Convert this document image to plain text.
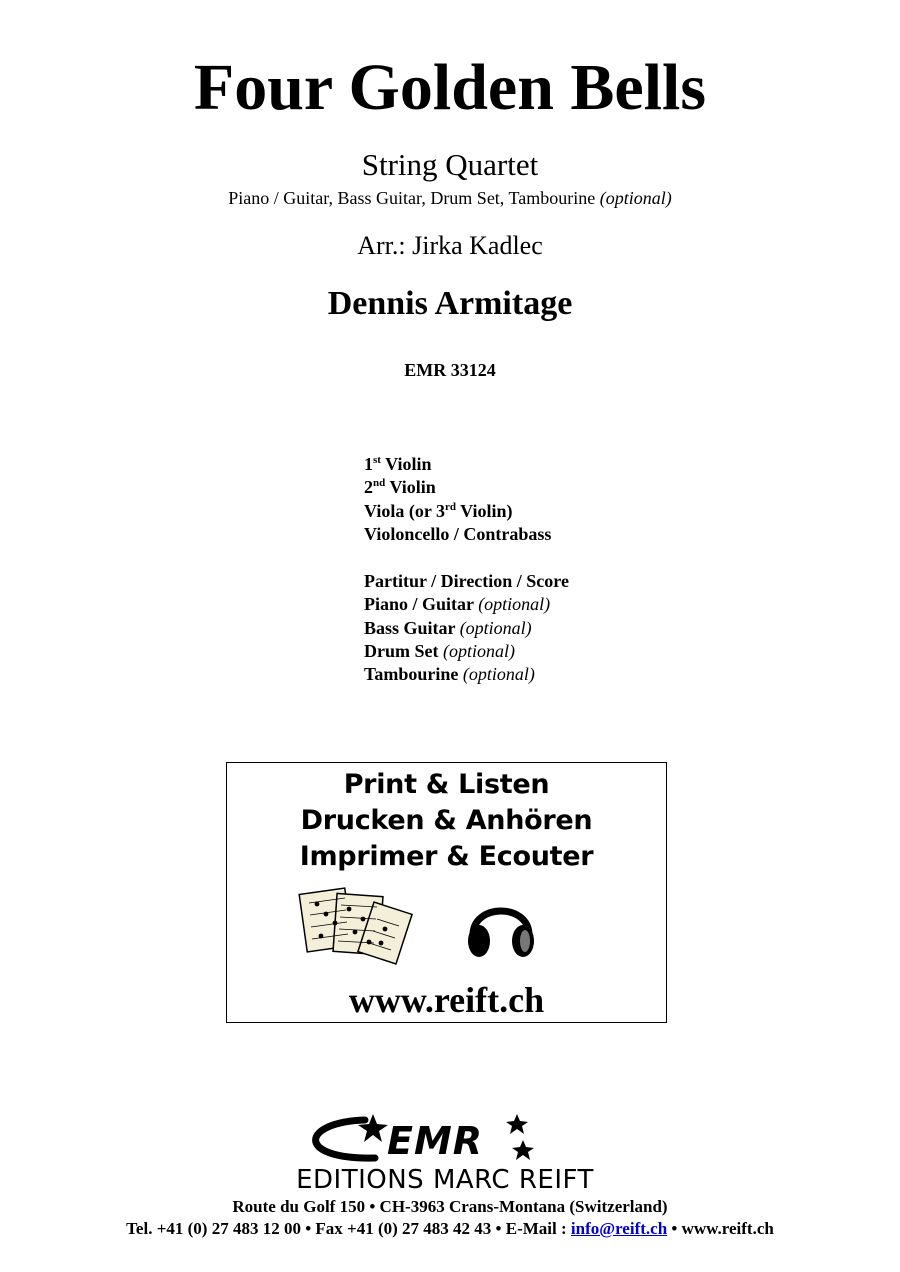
Four Golden Bells
String Quartet
Piano / Guitar, Bass Guitar, Drum Set, Tambourine (optional)
Arr.: Jirka Kadlec
Dennis Armitage
EMR 33124
1st Violin
2nd Violin
Viola (or 3rd Violin)
Violoncello / Contrabass
Partitur / Direction / Score
Piano / Guitar (optional)
Bass Guitar (optional)
Drum Set (optional)
Tambourine (optional)
Print & Listen
Drucken & Anhören
Imprimer & Ecouter
www.reift.ch
EMR
EDITIONS MARC REIFT
Route du Golf 150 • CH-3963 Crans-Montana (Switzerland)
Tel. +41 (0) 27 483 12 00 • Fax +41 (0) 27 483 42 43 • E-Mail : info@reift.ch • www.reift.ch
